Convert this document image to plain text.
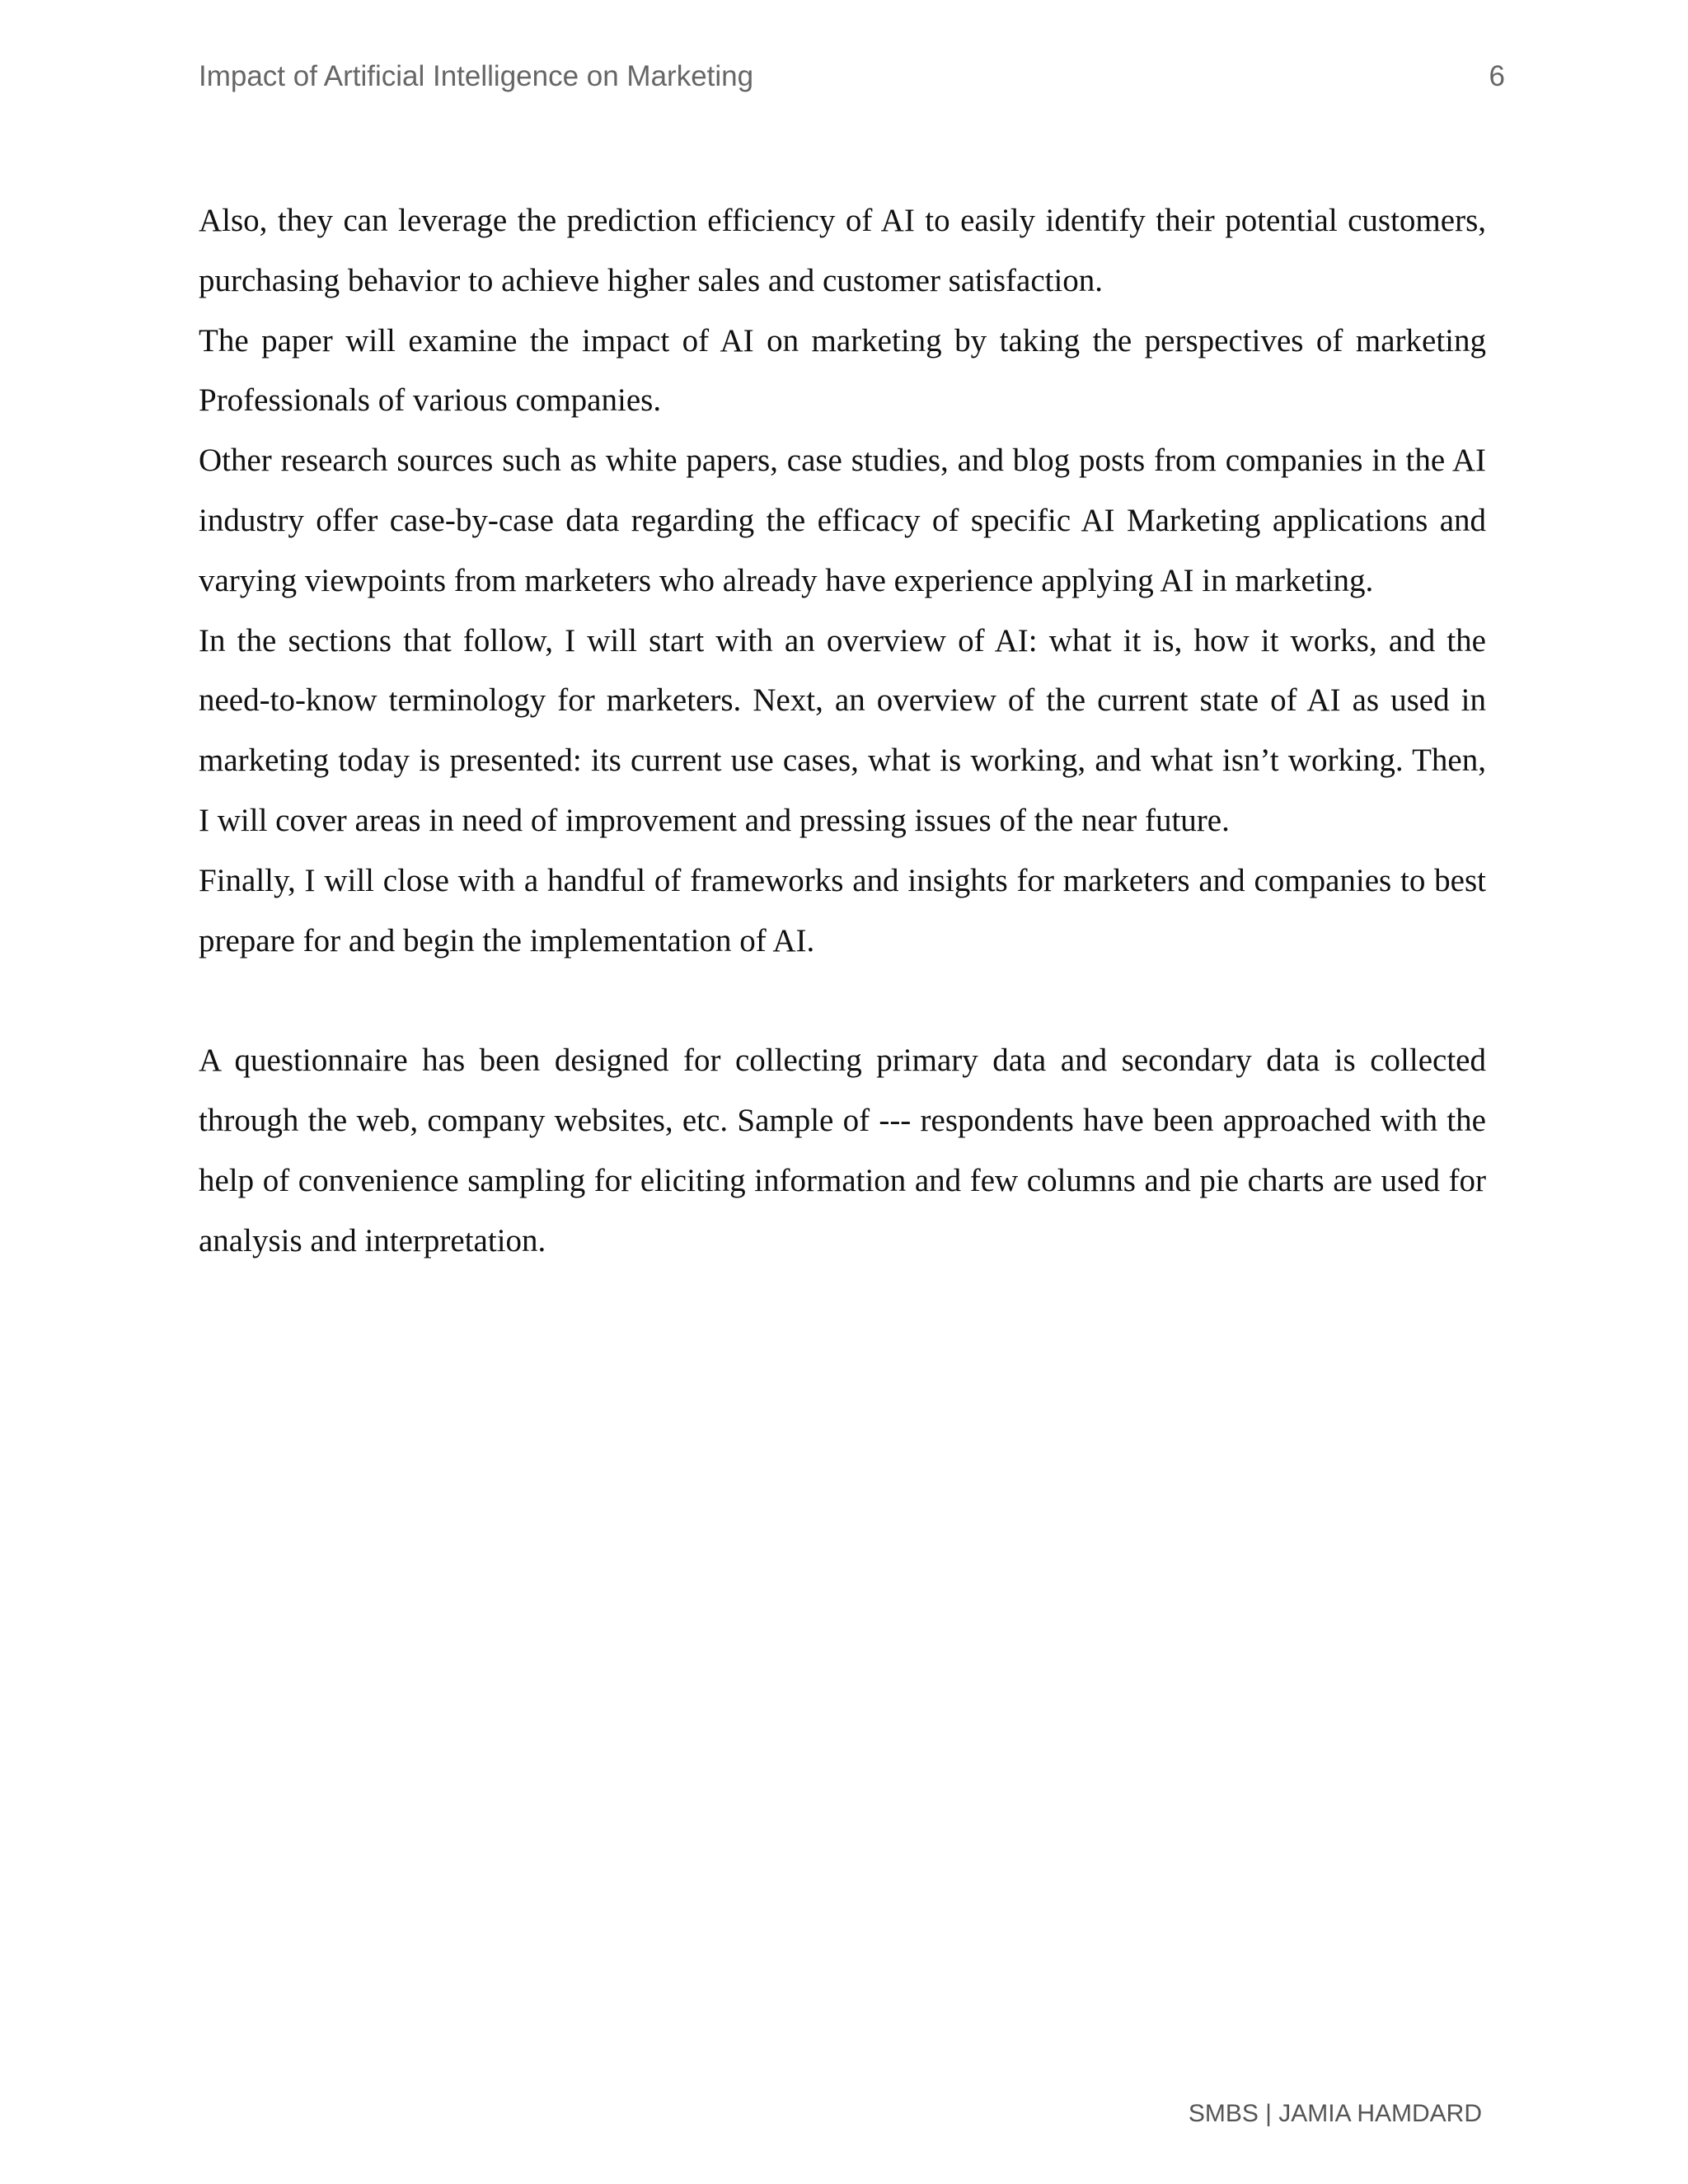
Impact of Artificial Intelligence on Marketing	6

Also, they can leverage the prediction efficiency of AI to easily identify their potential customers, purchasing behavior to achieve higher sales and customer satisfaction.

The paper will examine the impact of AI on marketing by taking the perspectives of marketing Professionals of various companies.

Other research sources such as white papers, case studies, and blog posts from companies in the AI industry offer case-by-case data regarding the efficacy of specific AI Marketing applications and varying viewpoints from marketers who already have experience applying AI in marketing.

In the sections that follow, I will start with an overview of AI: what it is, how it works, and the need-to-know terminology for marketers. Next, an overview of the current state of AI as used in marketing today is presented: its current use cases, what is working, and what isn’t working. Then, I will cover areas in need of improvement and pressing issues of the near future.

Finally, I will close with a handful of frameworks and insights for marketers and companies to best prepare for and begin the implementation of AI.

A questionnaire has been designed for collecting primary data and secondary data is collected through the web, company websites, etc. Sample of --- respondents have been approached with the help of convenience sampling for eliciting information and few columns and pie charts are used for analysis and interpretation.

SMBS | JAMIA HAMDARD
